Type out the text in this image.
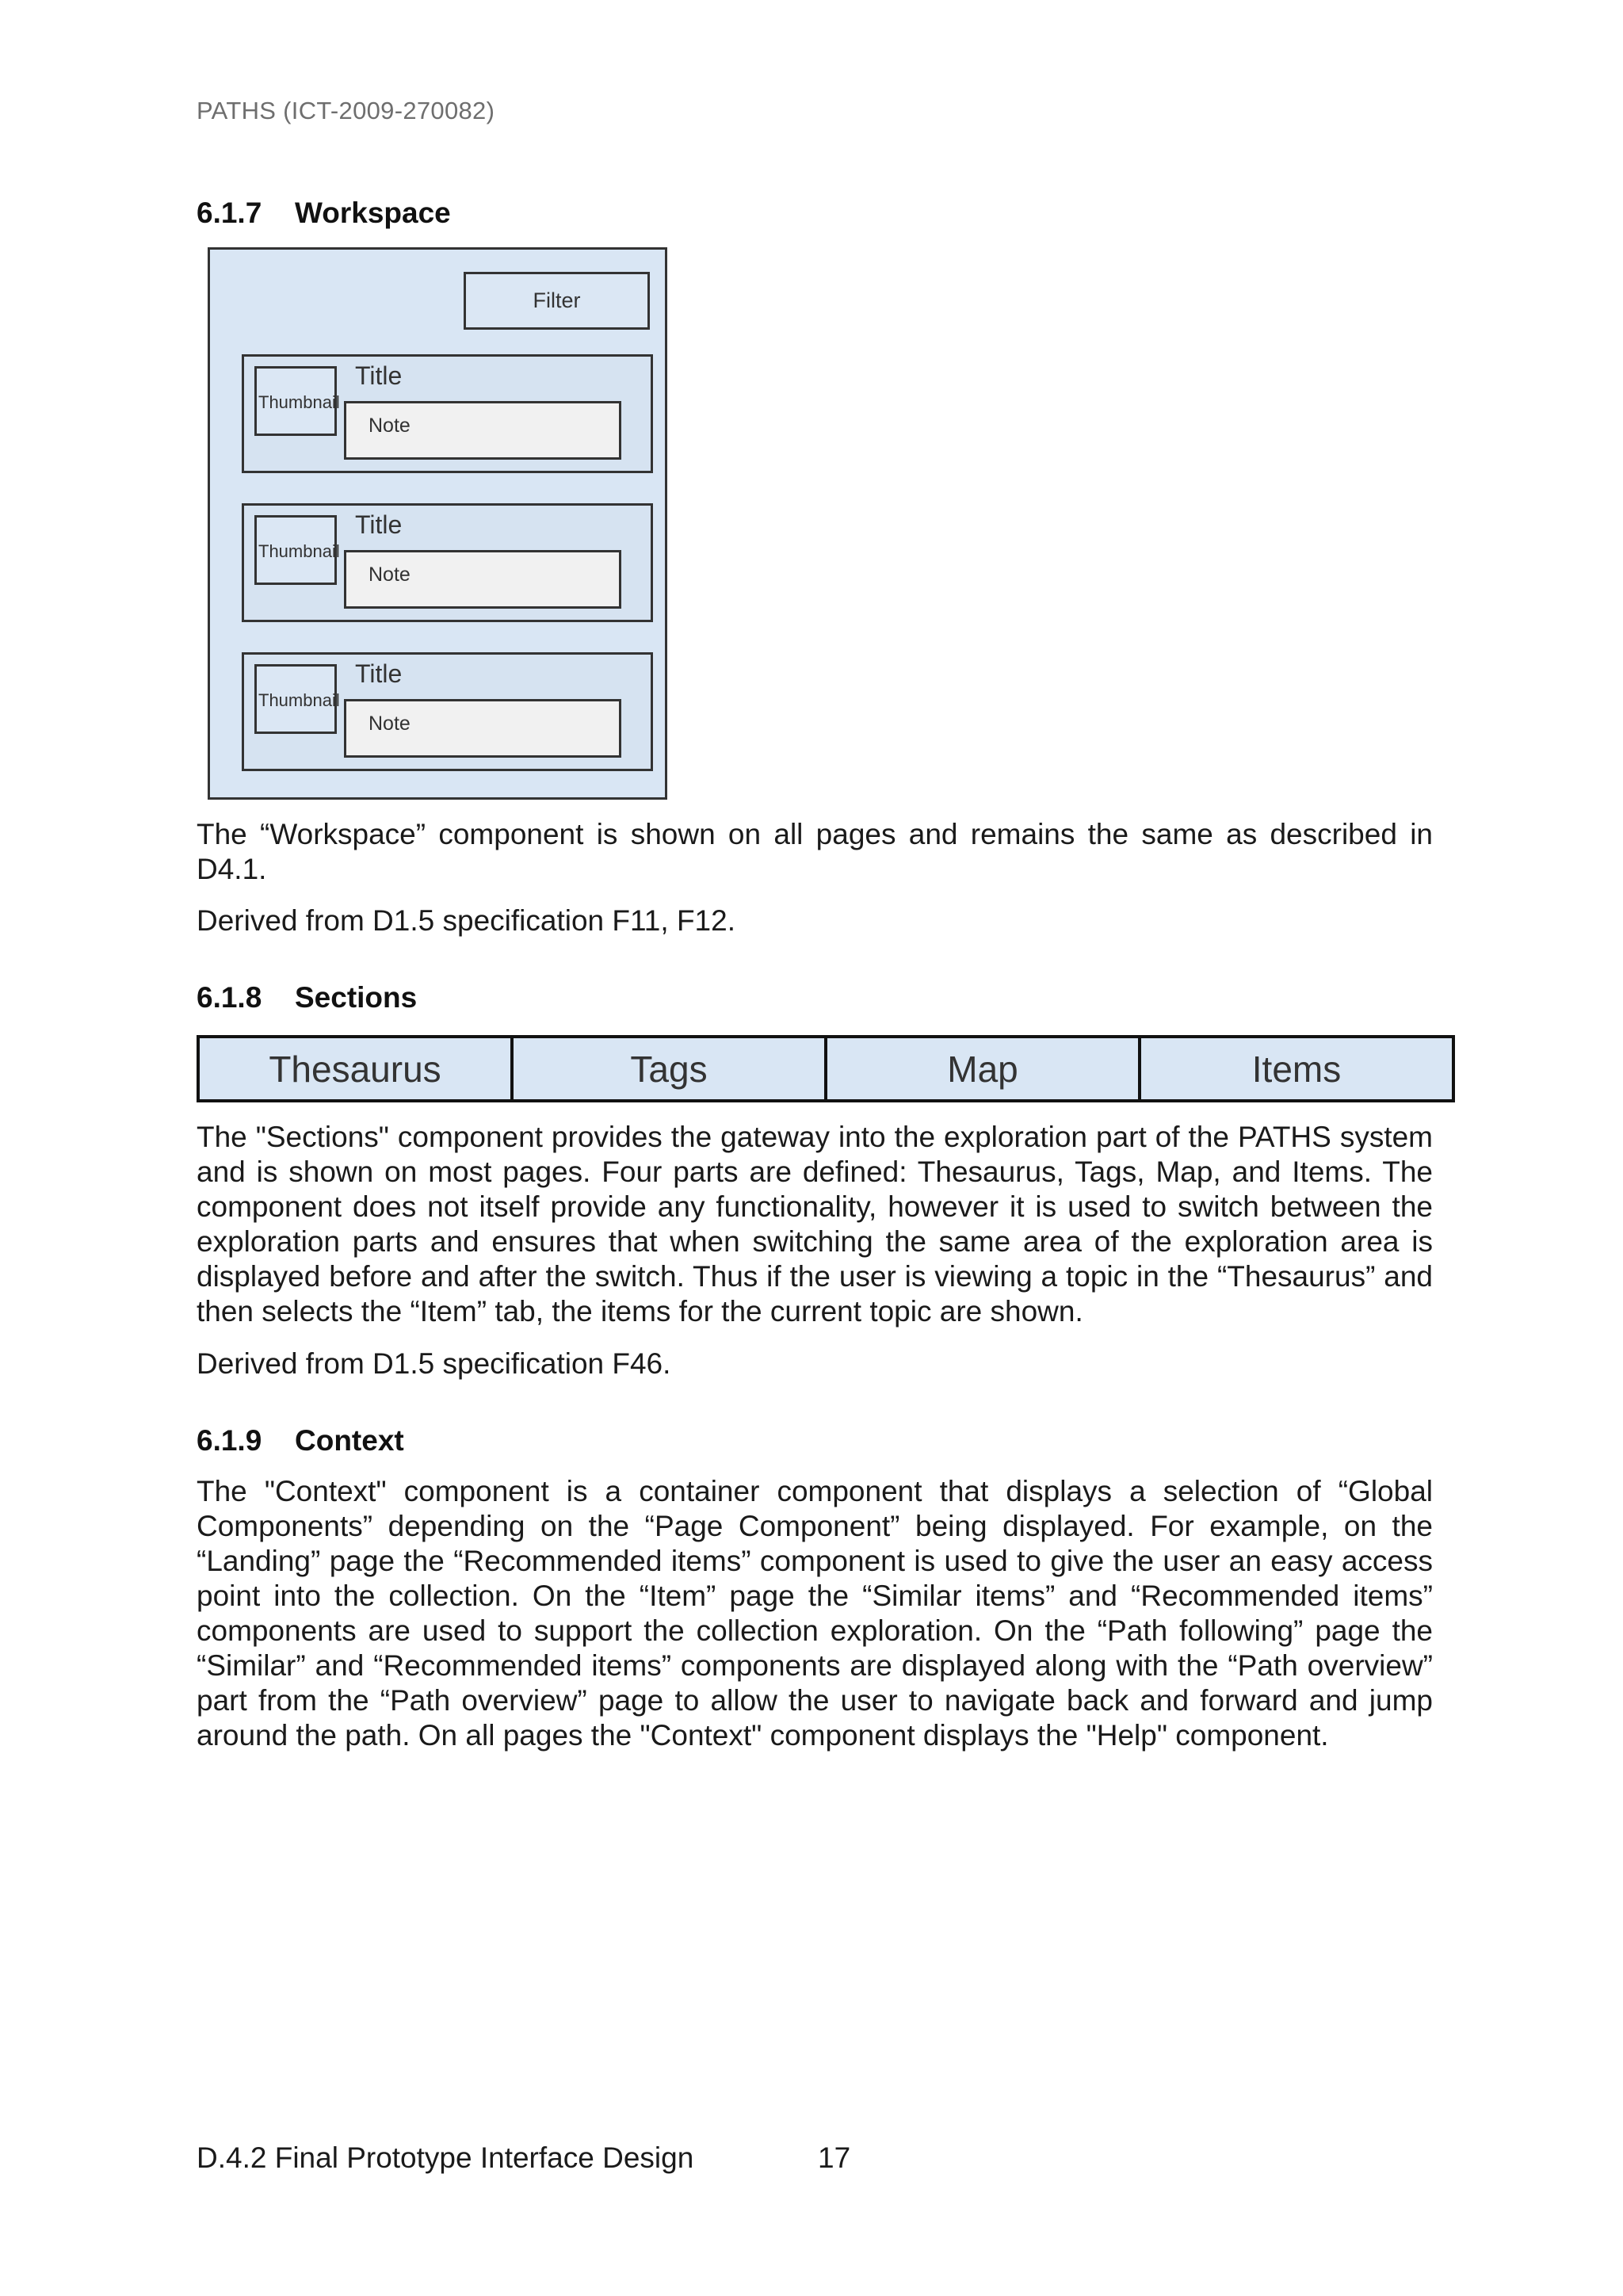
PATHS (ICT-2009-270082)
6.1.7 Workspace
Filter
Thumbnail
Title
Note
Thumbnail
Title
Note
Thumbnail
Title
Note
The “Workspace” component is shown on all pages and remains the same as described in D4.1.
Derived from D1.5 specification F11, F12.
6.1.8 Sections
Thesaurus	Tags	Map	Items
The "Sections" component provides the gateway into the exploration part of the PATHS system and is shown on most pages. Four parts are defined: Thesaurus, Tags, Map, and Items. The component does not itself provide any functionality, however it is used to switch between the exploration parts and ensures that when switching the same area of the exploration area is displayed before and after the switch. Thus if the user is viewing a topic in the “Thesaurus” and then selects the “Item” tab, the items for the current topic are shown.
Derived from D1.5 specification F46.
6.1.9 Context
The "Context" component is a container component that displays a selection of “Global Components” depending on the “Page Component” being displayed. For example, on the “Landing” page the “Recommended items” component is used to give the user an easy access point into the collection. On the “Item” page the “Similar items” and “Recommended items” components are used to support the collection exploration. On the “Path following” page the “Similar” and “Recommended items” components are displayed along with the “Path overview” part from the “Path overview” page to allow the user to navigate back and forward and jump around the path. On all pages the "Context" component displays the "Help" component.
D.4.2 Final Prototype Interface Design	17
